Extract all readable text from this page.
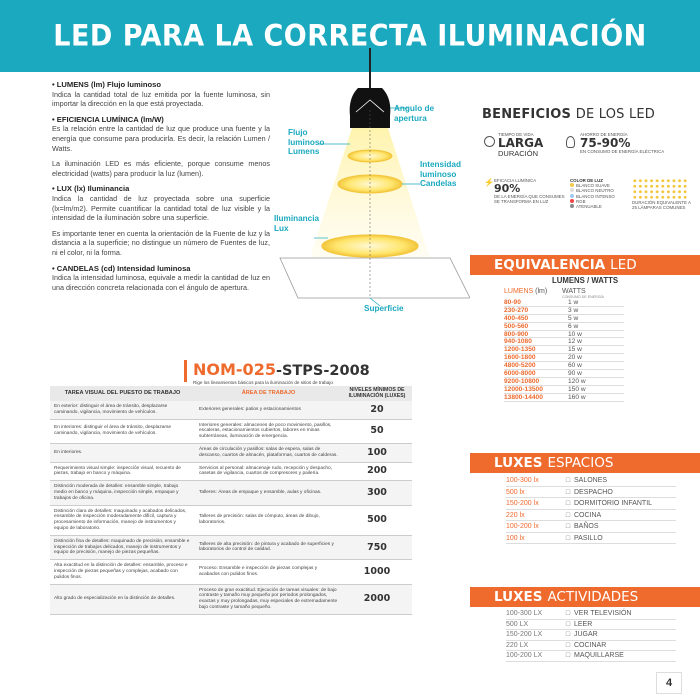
LED PARA LA CORRECTA ILUMINACIÓN
• LUMENS (lm) Flujo luminoso

Indica la cantidad total de luz emitida por la fuente luminosa, sin importar la dirección en la que está proyectada.

• EFICIENCIA LUMÍNICA (lm/W)

Es la relación entre la cantidad de luz que produce una fuente y la energía que consume para producirla. Es decir, la relación Lumen / Watts.

La iluminación LED es más eficiente, porque consume menos electricidad (watts) para producir la luz (lumen).

• LUX (lx) Iluminancia

Indica la cantidad de luz proyectada sobre una superficie (lx=lm/m2). Permite cuantificar la cantidad total de luz visible y la intensidad de la iluminación sobre una superficie.

Es importante tener en cuenta la orientación de la Fuente de luz y la distancia a la superficie; no distingue un número de Fuentes de luz, ni el color, ni la forma.

• CANDELAS (cd) Intensidad luminosa

Indica la intensidad luminosa, equivale a medir la cantidad de luz en una dirección concreta relacionada con el ángulo de apertura.

Angulo de apertura
Flujo luminoso Lumens
Intensidad luminoso Candelas
Iluminancia Lux
Superficie
BENEFICIOS DE LOS LED
TIEMPO DE VIDA
LARGA
DURACIÓN
AHORRO DE ENERGÍA
75-90%
EN CONSUMO DE ENERGÍA ELÉCTRICA
⚡ EFICACIA LUMÍNICA
90%
DE LA ENERGÍA QUE CONSUMES SE TRANSFORMA EN LUZ
COLOR DE LUZ
BLANCO SUAVE
BLANCO NEUTRO
BLANCO INTENSO
RGB
ATENUABLE
DURACIÓN EQUIVALENTE A 25 LÁMPARAS COMUNES
EQUIVALENCIA LED
LUMENS / WATTS
LUMENS (lm)	WATTS
CONSUMO DE ENERGÍA
80-90	1 w
230-270	3 w
400-450	5 w
500-560	6 w
800-900	10 w
940-1080	12 w
1200-1350	15 w
1600-1800	20 w
4800-5200	60 w
6000-8000	90 w
9200-10800	120 w
12000-13500	150 w
13800-14400	160 w
LUXES ESPACIOS
100-300 lx	□ SALONES
500 lx	□ DESPACHO
150-200 lx	□ DORMITORIO INFANTIL
220 lx	□ COCINA
100-200 lx	□ BAÑOS
100 lx	□ PASILLO
LUXES ACTIVIDADES
100-300 LX	□ VER TELEVISIÓN
500 LX	□ LEER
150-200 LX	□ JUGAR
220 LX	□ COCINAR
100-200 LX	□ MAQUILLARSE
NOM-025-STPS-2008
Rige los lineamientos básicos para la iluminación de sitios de trabajo
TAREA VISUAL DEL PUESTO DE TRABAJO	ÁREA DE TRABAJO	NIVELES MÍNIMOS DE ILUMINACIÓN (LUXES)
En exterior: distinguir el área de tránsito, desplazarse caminando, vigilancia, movimiento de vehículos.
Exteriores generales: patios y estacionamientos	20
En interiores: distinguir el área de tránsito, desplazarse caminando, vigilancia, movimiento de vehículos.
Interiores generales: almacenes de poco movimiento, pasillos, escaleras, estacionamientos cubiertos, labores en minas subterráneas, iluminación de emergencia.
50
En interiores.
Áreas de circulación y pasillos: salas de espera, salas de descanso, cuartos de almacén, plataformas, cuartos de calderas.	100
Requerimiento visual simple: inspección visual, recuento de piezas, trabajo en banco y máquina.
Servicios al personal: almacenaje rudo, recepción y despacho, casetas de vigilancia, cuartos de compresores y pailería.	200
Distinción moderada de detalles: ensamble simple, trabajo medio en banco y máquina, inspección simple, empaque y trabajos de oficina.
Talleres: Áreas de empaque y ensamble, aulas y oficinas.	300
Distinción clara de detalles: maquinado y acabados delicados, ensamble de inspección moderadamente difícil, captura y procesamiento de información, manejo de instrumentos y equipo de laboratorio.
Talleres de precisión: salas de cómputo, áreas de dibujo, laboratorios.	500
Distinción fina de detalles: maquinado de precisión, ensamble e inspección de trabajos delicados, manejo de instrumentos y equipo de precisión, manejo de piezas pequeñas.
Talleres de alta precisión: de pintura y acabado de superficies y laboratorios de control de calidad.	750
Alta exactitud en la distinción de detalles: ensamble, proceso e inspección de piezas pequeñas y complejas, acabado con pulidos finos.
Proceso: Ensamble e inspección de piezas complejas y acabados con pulidos finos.	1000
Alto grado de especialización en la distinción de detalles.
Proceso de gran exactitud. Ejecución de tareas visuales: de bajo contraste y tamaño muy pequeño por periodos prolongados, exactas y muy prolongadas, muy especiales de extremadamente bajo contraste y tamaño pequeño.
2000
4
